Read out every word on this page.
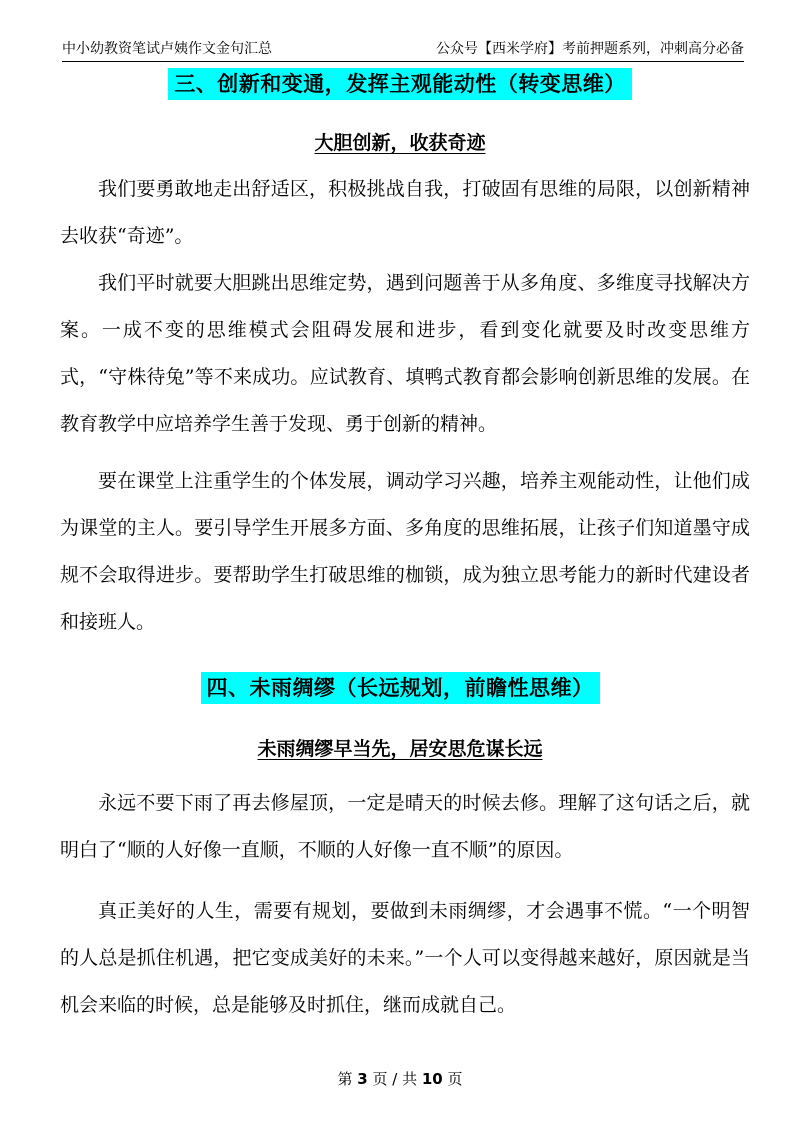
中小幼教资笔试卢姨作文金句汇总	公众号【西米学府】考前押题系列，冲刺高分必备
三、创新和变通，发挥主观能动性（转变思维）
大胆创新，收获奇迹
我们要勇敢地走出舒适区，积极挑战自我，打破固有思维的局限，以创新精神去收获“奇迹”。
我们平时就要大胆跳出思维定势，遇到问题善于从多角度、多维度寻找解决方案。一成不变的思维模式会阻碍发展和进步，看到变化就要及时改变思维方式，“守株待兔”等不来成功。应试教育、填鸭式教育都会影响创新思维的发展。在教育教学中应培养学生善于发现、勇于创新的精神。
要在课堂上注重学生的个体发展，调动学习兴趣，培养主观能动性，让他们成为课堂的主人。要引导学生开展多方面、多角度的思维拓展，让孩子们知道墨守成规不会取得进步。要帮助学生打破思维的枷锁，成为独立思考能力的新时代建设者和接班人。
四、未雨绸缪（长远规划，前瞻性思维）
未雨绸缪早当先，居安思危谋长远
永远不要下雨了再去修屋顶，一定是晴天的时候去修。理解了这句话之后，就明白了“顺的人好像一直顺，不顺的人好像一直不顺”的原因。
真正美好的人生，需要有规划，要做到未雨绸缪，才会遇事不慌。“一个明智的人总是抓住机遇，把它变成美好的未来。”一个人可以变得越来越好，原因就是当机会来临的时候，总是能够及时抓住，继而成就自己。
第 3 页 / 共 10 页
